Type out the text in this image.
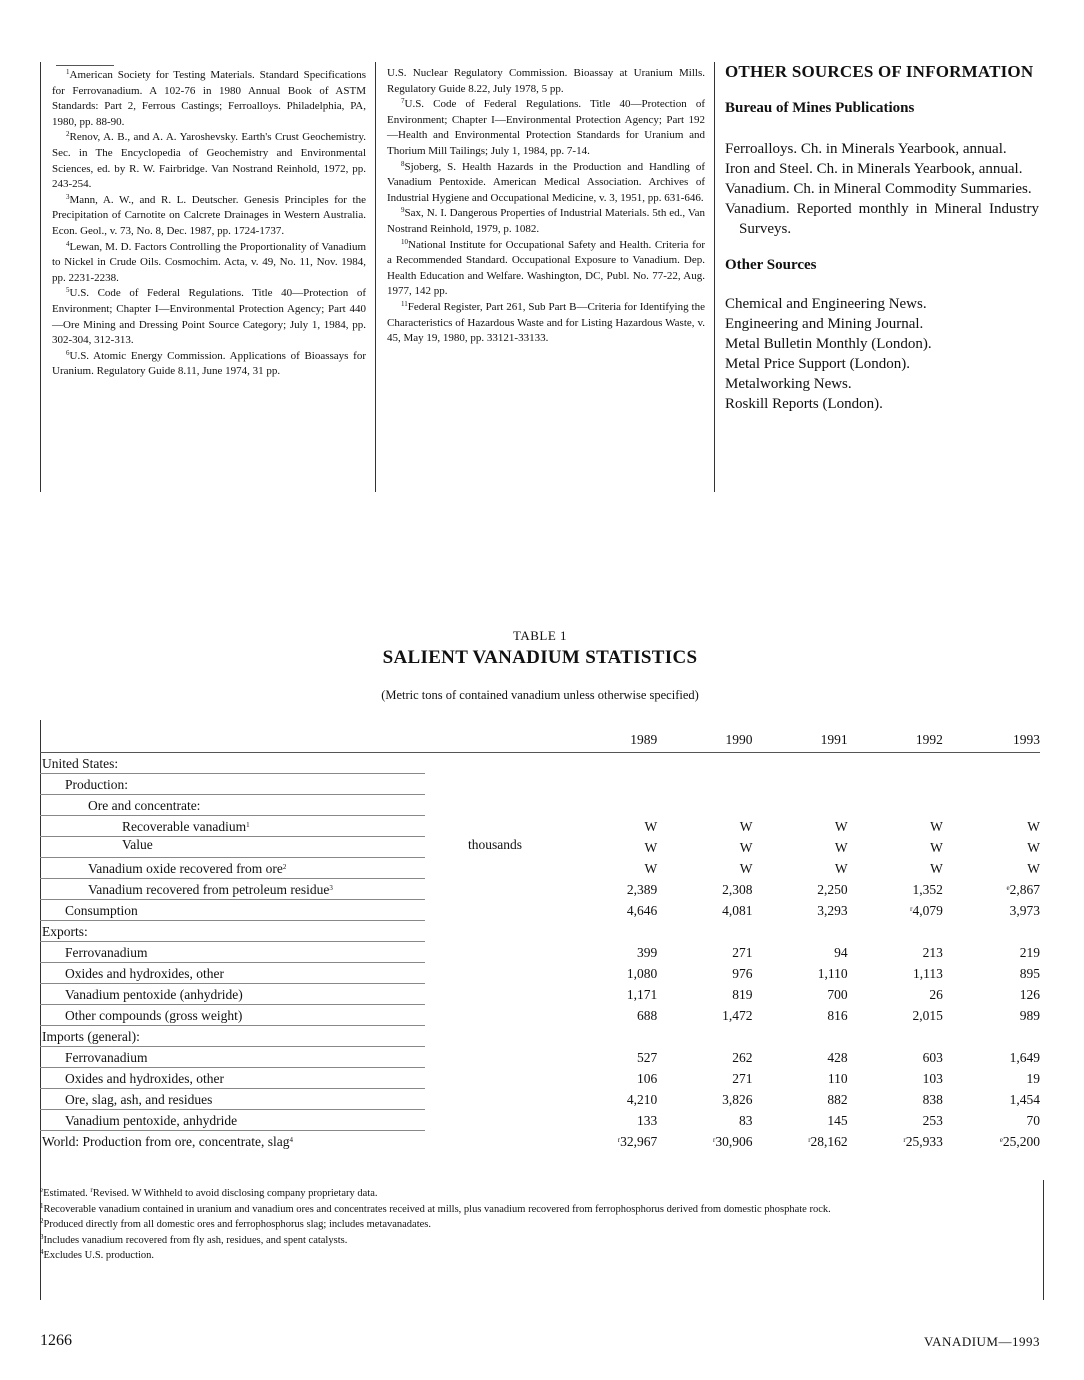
$^1$American Society for Testing Materials. Standard Specifications for Ferrovanadium. A 102-76 in 1980 Annual Book of ASTM Standards: Part 2, Ferrous Castings; Ferroalloys. Philadelphia, PA, 1980, pp. 88-90.

$^2$Renov, A. B., and A. A. Yaroshevsky. Earth's Crust Geochemistry. Sec. in The Encyclopedia of Geochemistry and Environmental Sciences, ed. by R. W. Fairbridge. Van Nostrand Reinhold, 1972, pp. 243-254.

$^3$Mann, A. W., and R. L. Deutscher. Genesis Principles for the Precipitation of Carnotite on Calcrete Drainages in Western Australia. Econ. Geol., v. 73, No. 8, Dec. 1987, pp. 1724-1737.

$^4$Lewan, M. D. Factors Controlling the Proportionality of Vanadium to Nickel in Crude Oils. Cosmochim. Acta, v. 49, No. 11, Nov. 1984, pp. 2231-2238.

$^5$U.S. Code of Federal Regulations. Title 40—Protection of Environment; Chapter I—Environmental Protection Agency; Part 440—Ore Mining and Dressing Point Source Category; July 1, 1984, pp. 302-304, 312-313.

$^6$U.S. Atomic Energy Commission. Applications of Bioassays for Uranium. Regulatory Guide 8.11, June 1974, 31 pp.

U.S. Nuclear Regulatory Commission. Bioassay at Uranium Mills. Regulatory Guide 8.22, July 1978, 5 pp.

$^7$U.S. Code of Federal Regulations. Title 40—Protection of Environment; Chapter I—Environmental Protection Agency; Part 192—Health and Environmental Protection Standards for Uranium and Thorium Mill Tailings; July 1, 1984, pp. 7-14.

$^8$Sjoberg, S. Health Hazards in the Production and Handling of Vanadium Pentoxide. American Medical Association. Archives of Industrial Hygiene and Occupational Medicine, v. 3, 1951, pp. 631-646.

$^9$Sax, N. I. Dangerous Properties of Industrial Materials. 5th ed., Van Nostrand Reinhold, 1979, p. 1082.

$^{10}$National Institute for Occupational Safety and Health. Criteria for a Recommended Standard. Occupational Exposure to Vanadium. Dep. Health Education and Welfare. Washington, DC, Publ. No. 77-22, Aug. 1977, 142 pp.

$^{11}$Federal Register, Part 261, Sub Part B—Criteria for Identifying the Characteristics of Hazardous Waste and for Listing Hazardous Waste, v. 45, May 19, 1980, pp. 33121-33133.

OTHER SOURCES OF INFORMATION
Bureau of Mines Publications
Ferroalloys. Ch. in Minerals Yearbook, annual.
Iron and Steel. Ch. in Minerals Yearbook, annual.
Vanadium. Ch. in Mineral Commodity Summaries.
Vanadium. Reported monthly in Mineral Industry Surveys.
Other Sources
Chemical and Engineering News.
Engineering and Mining Journal.
Metal Bulletin Monthly (London).
Metal Price Support (London).
Metalworking News.
Roskill Reports (London).
TABLE 1
SALIENT VANADIUM STATISTICS
(Metric tons of contained vanadium unless otherwise specified)
	1989	1990	1991	1992	1993
United States:					
Production:					
Ore and concentrate:					
Recoverable vanadium$^1$	W	W	W	W	W

Value	thousands	W	W	W	W	W
Vanadium oxide recovered from ore$^2$	W	W	W	W	W
Vanadium recovered from petroleum residue$^3$	2,389	2,308	2,250	1,352	$^e$2,867
Consumption	4,646	4,081	3,293	$^r$4,079	3,973
Exports:					
Ferrovanadium	399	271	94	213	219
Oxides and hydroxides, other	1,080	976	1,110	1,113	895
Vanadium pentoxide (anhydride)	1,171	819	700	26	126
Other compounds (gross weight)	688	1,472	816	2,015	989
Imports (general):					
Ferrovanadium	527	262	428	603	1,649
Oxides and hydroxides, other	106	271	110	103	19
Ore, slag, ash, and residues	4,210	3,826	882	838	1,454
Vanadium pentoxide, anhydride	133	83	145	253	70
World: Production from ore, concentrate, slag$^4$	$^r$32,967	$^r$30,906	$^r$28,162	$^r$25,933	$^e$25,200

$^e$Estimated. $^r$Revised. W Withheld to avoid disclosing company proprietary data.

$^1$Recoverable vanadium contained in uranium and vanadium ores and concentrates received at mills, plus vanadium recovered from ferrophosphorus derived from domestic phosphate rock.

$^2$Produced directly from all domestic ores and ferrophosphorus slag; includes metavanadates.

$^3$Includes vanadium recovered from fly ash, residues, and spent catalysts.

$^4$Excludes U.S. production.

1266	VANADIUM—1993
